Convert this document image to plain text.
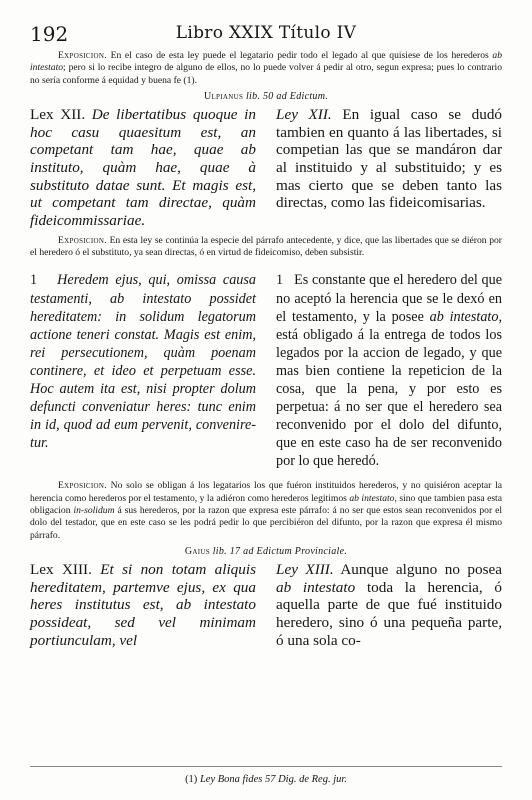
192	Libro XXIX Título IV

Exposicion. En el caso de esta ley puede el legatario pedir todo el legado al que quisiese de los herederos ab intestato; pero si lo recibe integro de alguno de ellos, no lo puede volver á pedir al otro, segun expresa; pues lo contrario no sería conforme á equidad y buena fe (1).

Ulpianus lib. 50 ad Edictum.
Lex XII. De libertatibus quoque in hoc casu quaesitum est, an competant tam hae, quae ab instituto, quàm hae, quae à substituto datae sunt. Et magis est, ut competant tam directae, quàm fideicommissariae.
Ley XII. En igual caso se dudó tambien en quanto á las libertades, si competian las que se mandáron dar al instituido y al substituido; y es mas cierto que se deben tanto las directas, como las fideicomisarias.

Exposicion. En esta ley se continúa la especie del párrafo antecedente, y dice, que las libertades que se diéron por el heredero ó el substituto, ya sean directas, ó en virtud de fideicomiso, deben subsistir.

1 Heredem ejus, qui, omissa causa testamenti, ab intestato possidet hereditatem: in solidum legatorum actione teneri constat. Magis est enim, rei persecutionem, quàm poenam continere, et ideo et perpetuam esse. Hoc autem ita est, nisi propter dolum defuncti conveniatur heres: tunc enim in id, quod ad eum pervenit, convenire-tur.
1 Es constante que el heredero del que no aceptó la herencia que se le dexó en el testamento, y la posee ab intestato, está obligado á la entrega de todos los legados por la accion de legado, y que mas bien contiene la repeticion de la cosa, que la pena, y por esto es perpetua: á no ser que el heredero sea reconvenido por el dolo del difunto, que en este caso ha de ser reconvenido por lo que heredó.

Exposicion. No solo se obligan á los legatarios los que fuéron instituidos herederos, y no quisiéron aceptar la herencia como herederos por el testamento, y la adiéron como herederos legitimos ab intestato, sino que tambien pasa esta obligacion in-solidum á sus herederos, por la razon que expresa este párrafo: á no ser que estos sean reconvenidos por el dolo del testador, que en este caso se les podrá pedir lo que percibiéron del difunto, por la razon que expresa él mismo párrafo.

Gaius lib. 17 ad Edictum Provinciale.
Lex XIII. Et si non totam aliquis hereditatem, partemve ejus, ex qua heres institutus est, ab intestato possideat, sed vel minimam portiunculam, vel
Ley XIII. Aunque alguno no posea ab intestato toda la herencia, ó aquella parte de que fué instituido heredero, sino ó una pequeña parte, ó una sola co-
(1) Ley Bona fides 57 Dig. de Reg. jur.
